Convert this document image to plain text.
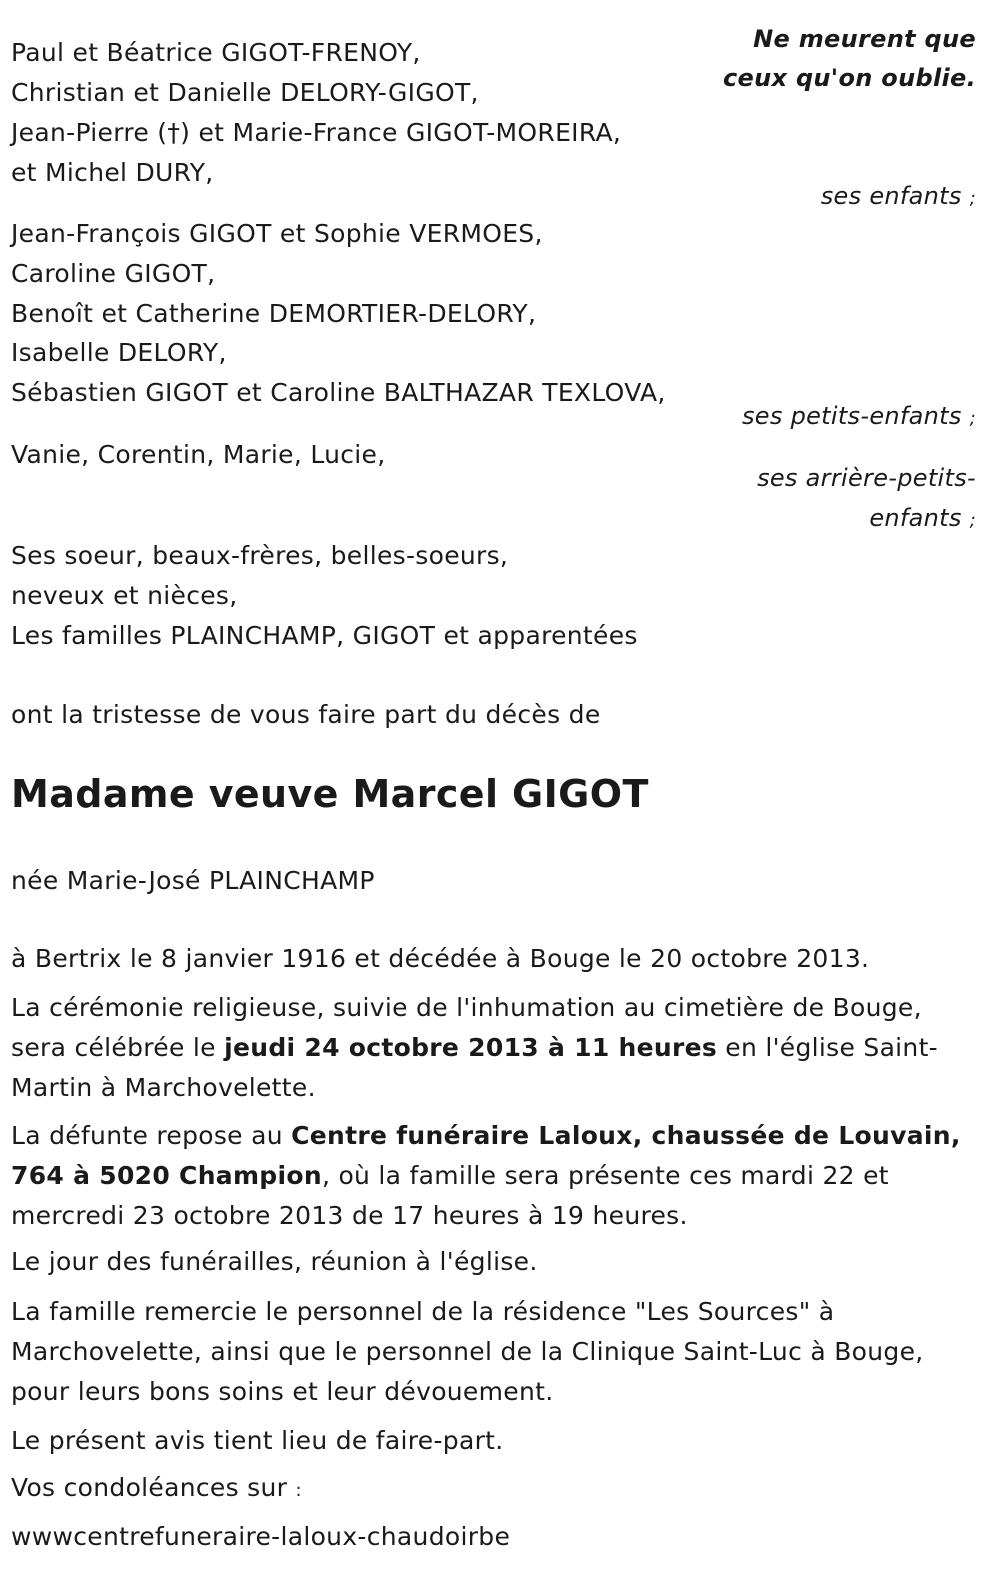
Ne meurent que
ceux qu'on oublie.
Paul et Béatrice GIGOT-FRENOY,
Christian et Danielle DELORY-GIGOT,
Jean-Pierre (†) et Marie-France GIGOT-MOREIRA,
et Michel DURY,
ses enfants ;
Jean-François GIGOT et Sophie VERMOES,
Caroline GIGOT,
Benoît et Catherine DEMORTIER-DELORY,
Isabelle DELORY,
Sébastien GIGOT et Caroline BALTHAZAR TEXLOVA,
ses petits-enfants ;
Vanie, Corentin, Marie, Lucie,
ses arrière-petits-
enfants ;
Ses soeur, beaux-frères, belles-soeurs,
neveux et nièces,
Les familles PLAINCHAMP, GIGOT et apparentées
ont la tristesse de vous faire part du décès de
Madame veuve Marcel GIGOT
née Marie-José PLAINCHAMP
à Bertrix le 8 janvier 1916 et décédée à Bouge le 20 octobre 2013.
La cérémonie religieuse, suivie de l'inhumation au cimetière de Bouge, sera célébrée le jeudi 24 octobre 2013 à 11 heures en l'église Saint-Martin à Marchovelette.
La défunte repose au Centre funéraire Laloux, chaussée de Louvain, 764 à 5020 Champion, où la famille sera présente ces mardi 22 et mercredi 23 octobre 2013 de 17 heures à 19 heures.
Le jour des funérailles, réunion à l'église.
La famille remercie le personnel de la résidence "Les Sources" à Marchovelette, ainsi que le personnel de la Clinique Saint-Luc à Bouge, pour leurs bons soins et leur dévouement.
Le présent avis tient lieu de faire-part.
Vos condoléances sur :
wwwcentrefuneraire-laloux-chaudoirbe
